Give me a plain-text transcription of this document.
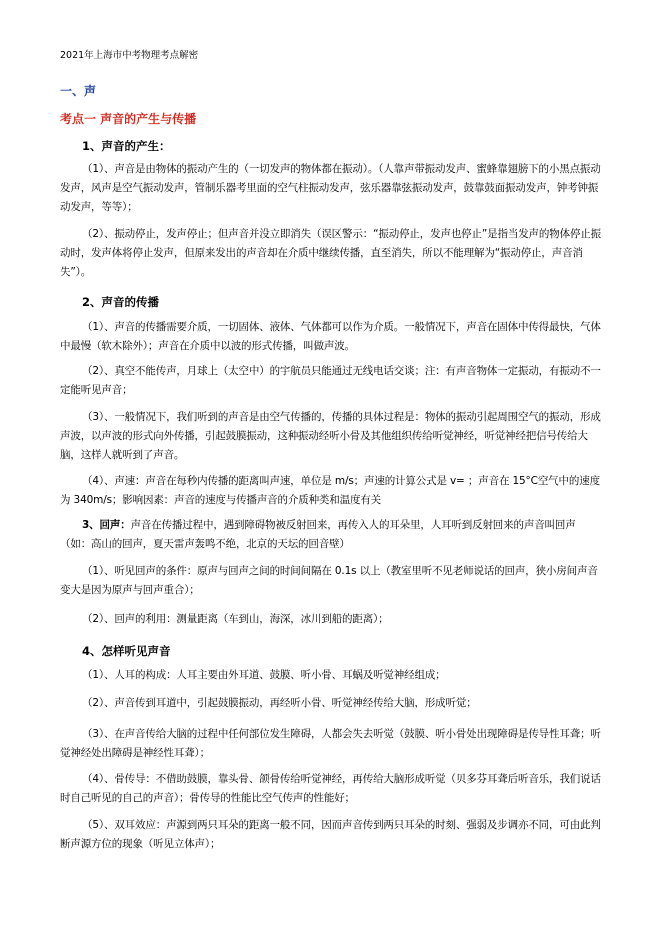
2021年上海市中考物理考点解密
一、声
考点一 声音的产生与传播
1、声音的产生：

（1）、声音是由物体的振动产生的（一切发声的物体都在振动）。（人靠声带振动发声、蜜蜂靠翅膀下的小黑点振动发声，风声是空气振动发声，管制乐器考里面的空气柱振动发声，弦乐器靠弦振动发声，鼓靠鼓面振动发声，钟考钟振动发声，等等）；

（2）、振动停止，发声停止；但声音并没立即消失（误区警示：“振动停止，发声也停止”是指当发声的物体停止振动时，发声体将停止发声，但原来发出的声音却在介质中继续传播，直至消失，所以不能理解为“振动停止，声音消失”）。

2、声音的传播

（1）、声音的传播需要介质，一切固体、液体、气体都可以作为介质。一般情况下，声音在固体中传得最快，气体中最慢（软木除外）；声音在介质中以波的形式传播，叫做声波。

（2）、真空不能传声，月球上（太空中）的宇航员只能通过无线电话交谈；注：有声音物体一定振动，有振动不一定能听见声音；

（3）、一般情况下，我们听到的声音是由空气传播的，传播的具体过程是：物体的振动引起周围空气的振动，形成声波，以声波的形式向外传播，引起鼓膜振动，这种振动经听小骨及其他组织传给听觉神经，听觉神经把信号传给大脑，这样人就听到了声音。

（4）、声速：声音在每秒内传播的距离叫声速，单位是 m/s；声速的计算公式是 v= ；声音在 15°C空气中的速度为 340m/s；影响因素：声音的速度与传播声音的介质种类和温度有关

3、回声：声音在传播过程中，遇到障碍物被反射回来，再传入人的耳朵里，人耳听到反射回来的声音叫回声（如：高山的回声，夏天雷声轰鸣不绝，北京的天坛的回音壁）

（1）、听见回声的条件：原声与回声之间的时间间隔在 0.1s 以上（教室里听不见老师说话的回声，狭小房间声音变大是因为原声与回声重合）；

（2）、回声的利用：测量距离（车到山，海深，冰川到船的距离）；

4、怎样听见声音

（1）、人耳的构成：人耳主要由外耳道、鼓膜、听小骨、耳蜗及听觉神经组成；

（2）、声音传到耳道中，引起鼓膜振动，再经听小骨、听觉神经传给大脑，形成听觉；

（3）、在声音传给大脑的过程中任何部位发生障碍，人都会失去听觉（鼓膜、听小骨处出现障碍是传导性耳聋；听觉神经处出障碍是神经性耳聋）；

（4）、骨传导：不借助鼓膜，靠头骨、颌骨传给听觉神经，再传给大脑形成听觉（贝多芬耳聋后听音乐，我们说话时自己听见的自己的声音）；骨传导的性能比空气传声的性能好；

（5）、双耳效应：声源到两只耳朵的距离一般不同，因而声音传到两只耳朵的时刻、强弱及步调亦不同，可由此判断声源方位的现象（听见立体声）；
